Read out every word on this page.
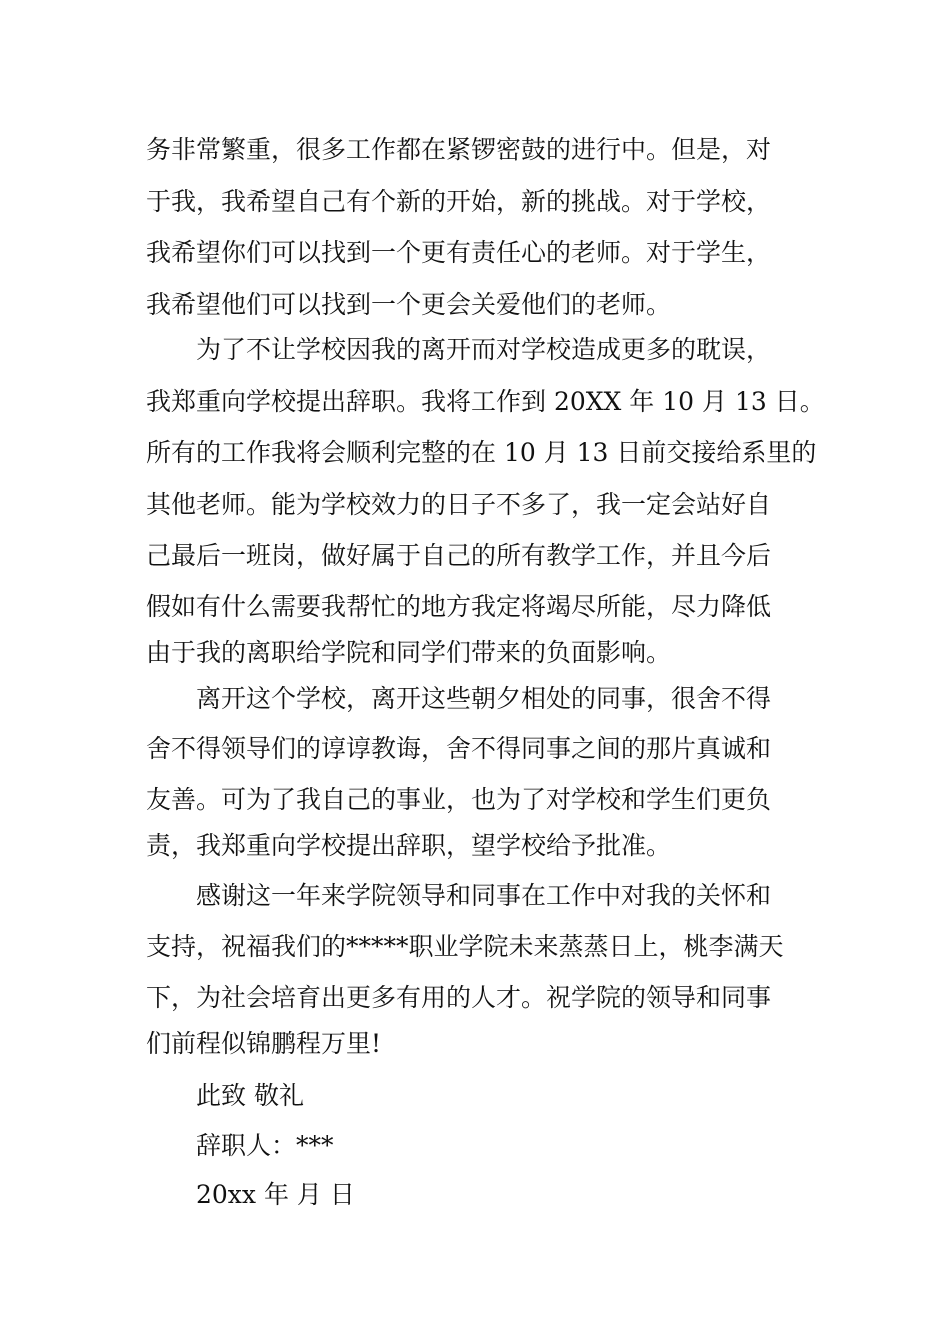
务非常繁重，很多工作都在紧锣密鼓的进行中。但是，对
于我，我希望自己有个新的开始，新的挑战。对于学校，
我希望你们可以找到一个更有责任心的老师。对于学生，
我希望他们可以找到一个更会关爱他们的老师。
为了不让学校因我的离开而对学校造成更多的耽误，
我郑重向学校提出辞职。我将工作到 20XX 年 10 月 13 日。
所有的工作我将会顺利完整的在 10 月 13 日前交接给系里的
其他老师。能为学校效力的日子不多了，我一定会站好自
己最后一班岗，做好属于自己的所有教学工作，并且今后
假如有什么需要我帮忙的地方我定将竭尽所能，尽力降低
由于我的离职给学院和同学们带来的负面影响。
离开这个学校，离开这些朝夕相处的同事，很舍不得
舍不得领导们的谆谆教诲，舍不得同事之间的那片真诚和
友善。可为了我自己的事业，也为了对学校和学生们更负
责，我郑重向学校提出辞职，望学校给予批准。
感谢这一年来学院领导和同事在工作中对我的关怀和
支持，祝福我们的*****职业学院未来蒸蒸日上，桃李满天
下，为社会培育出更多有用的人才。祝学院的领导和同事
们前程似锦鹏程万里!
此致 敬礼
辞职人：***
20xx 年 月 日
